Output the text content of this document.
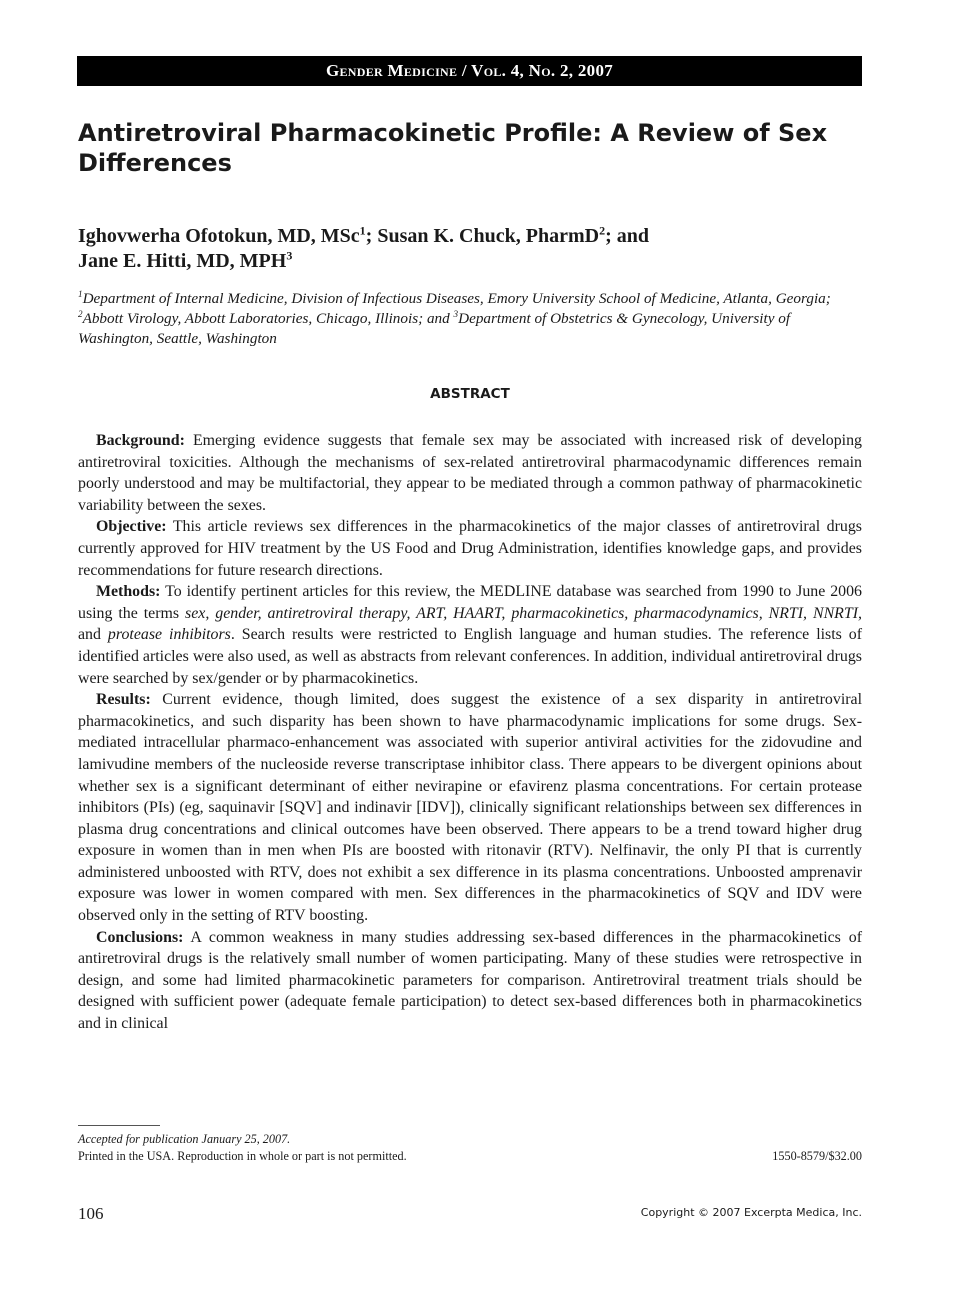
Gender Medicine / Vol. 4, No. 2, 2007
Antiretroviral Pharmacokinetic Profile: A Review of Sex Differences

Ighovwerha Ofotokun, MD, MSc$^1$; Susan K. Chuck, PharmD$^2$; and
Jane E. Hitti, MD, MPH$^3$

$^1$Department of Internal Medicine, Division of Infectious Diseases, Emory University School of Medicine, Atlanta, Georgia; $^2$Abbott Virology, Abbott Laboratories, Chicago, Illinois; and $^3$Department of Obstetrics & Gynecology, University of Washington, Seattle, Washington

ABSTRACT

Background: Emerging evidence suggests that female sex may be associated with increased risk of developing antiretroviral toxicities. Although the mechanisms of sex-related antiretroviral pharmacodynamic differences remain poorly understood and may be multifactorial, they appear to be mediated through a common pathway of pharmacokinetic variability between the sexes.

Objective: This article reviews sex differences in the pharmacokinetics of the major classes of antiretroviral drugs currently approved for HIV treatment by the US Food and Drug Administration, identifies knowledge gaps, and provides recommendations for future research directions.

Methods: To identify pertinent articles for this review, the MEDLINE database was searched from 1990 to June 2006 using the terms sex, gender, antiretroviral therapy, ART, HAART, pharmacokinetics, pharmacodynamics, NRTI, NNRTI, and protease inhibitors. Search results were restricted to English language and human studies. The reference lists of identified articles were also used, as well as abstracts from relevant conferences. In addition, individual antiretroviral drugs were searched by sex/gender or by pharmacokinetics.

Results: Current evidence, though limited, does suggest the existence of a sex disparity in antiretroviral pharmacokinetics, and such disparity has been shown to have pharmacodynamic implications for some drugs. Sex-mediated intracellular pharmaco-enhancement was associated with superior antiviral activities for the zidovudine and lamivudine members of the nucleoside reverse transcriptase inhibitor class. There appears to be divergent opinions about whether sex is a significant determinant of either nevirapine or efavirenz plasma concentrations. For certain protease inhibitors (PIs) (eg, saquinavir [SQV] and indinavir [IDV]), clinically significant relationships between sex differences in plasma drug concentrations and clinical outcomes have been observed. There appears to be a trend toward higher drug exposure in women than in men when PIs are boosted with ritonavir (RTV). Nelfinavir, the only PI that is currently administered unboosted with RTV, does not exhibit a sex difference in its plasma concentrations. Unboosted amprenavir exposure was lower in women compared with men. Sex differences in the pharmacokinetics of SQV and IDV were observed only in the setting of RTV boosting.

Conclusions: A common weakness in many studies addressing sex-based differences in the pharmacokinetics of antiretroviral drugs is the relatively small number of women participating. Many of these studies were retrospective in design, and some had limited pharmacokinetic parameters for comparison. Antiretroviral treatment trials should be designed with sufficient power (adequate female participation) to detect sex-based differences both in pharmacokinetics and in clinical

Accepted for publication January 25, 2007.
Printed in the USA. Reproduction in whole or part is not permitted.	1550-8579/$32.00
106	Copyright © 2007 Excerpta Medica, Inc.
